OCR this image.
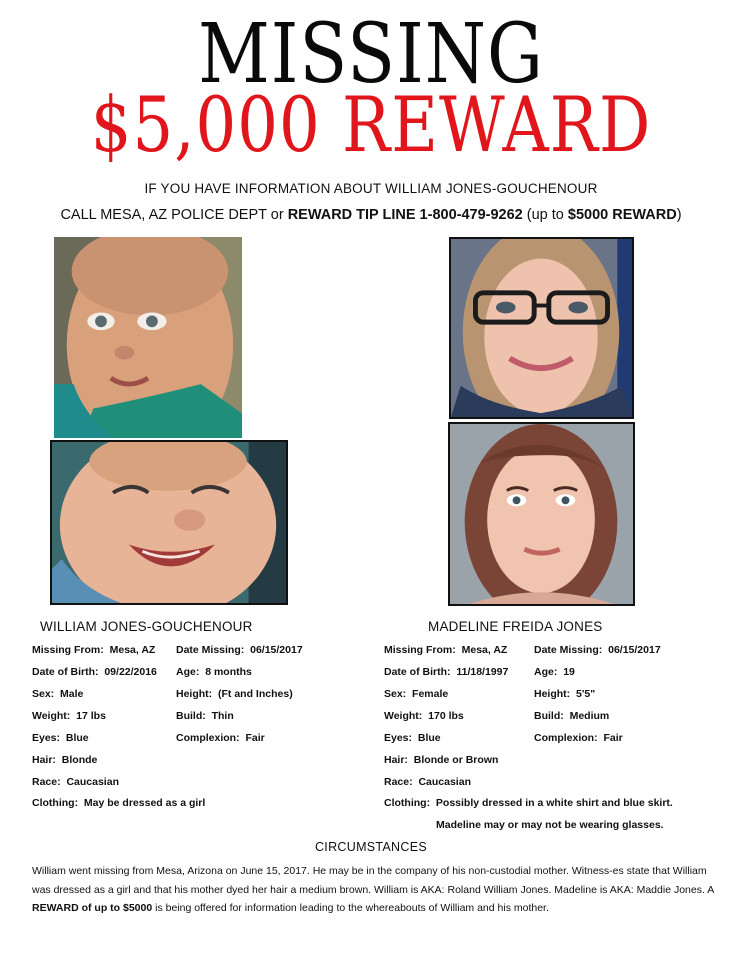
MISSING
$5,000 REWARD
IF YOU HAVE INFORMATION ABOUT WILLIAM JONES-GOUCHENOUR
CALL MESA, AZ POLICE DEPT or REWARD TIP LINE 1-800-479-9262 (up to $5000 REWARD)
WILLIAM JONES-GOUCHENOUR	MADELINE FREIDA JONES
Missing From: Mesa, AZ
Date of Birth: 09/22/2016
Sex: Male
Weight: 17 lbs
Eyes: Blue
Hair: Blonde
Race: Caucasian
Clothing: May be dressed as a girl
Date Missing: 06/15/2017
Age: 8 months
Height: (Ft and Inches)
Build: Thin
Complexion: Fair
Missing From: Mesa, AZ
Date of Birth: 11/18/1997
Sex: Female
Weight: 170 lbs
Eyes: Blue
Hair: Blonde or Brown
Race: Caucasian
Clothing: Possibly dressed in a white shirt and blue skirt.
Madeline may or may not be wearing glasses.
Date Missing: 06/15/2017
Age: 19
Height: 5'5"
Build: Medium
Complexion: Fair
CIRCUMSTANCES
William went missing from Mesa, Arizona on June 15, 2017. He may be in the company of his non-custodial mother. Witness-es state that William was dressed as a girl and that his mother dyed her hair a medium brown. William is AKA: Roland William Jones. Madeline is AKA: Maddie Jones. A REWARD of up to $5000 is being offered for information leading to the whereabouts of William and his mother.
